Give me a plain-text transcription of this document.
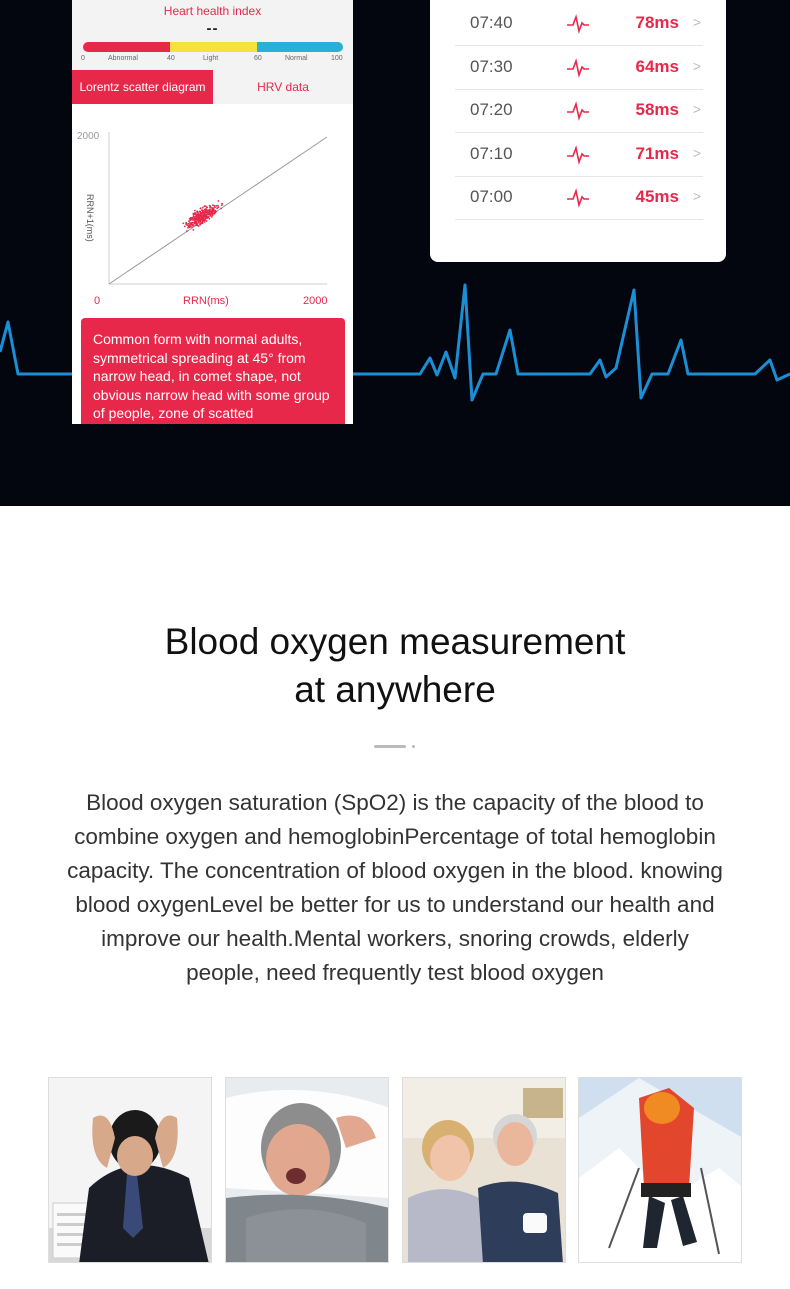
Heart health index
--
0	Abnormal	40	Light	60	Normal	100
Lorentz scatter diagram	HRV data
2000
RRN+1(ms)
0	RRN(ms)	2000
Common form with normal adults, symmetrical spreading at 45° from narrow head, in comet shape, not obvious narrow head with some group of people, zone of scatted
07:40	78ms >
07:30	64ms >
07:20	58ms >
07:10	71ms >
07:00	45ms >
Blood oxygen measurement
at anywhere
Blood oxygen saturation (SpO2) is the capacity of the blood to
combine oxygen and hemoglobinPercentage of total hemoglobin
capacity. The concentration of blood oxygen in the blood. knowing
blood oxygenLevel be better for us to understand our health and
improve our health.Mental workers, snoring crowds, elderly
people, need frequently test blood oxygen
